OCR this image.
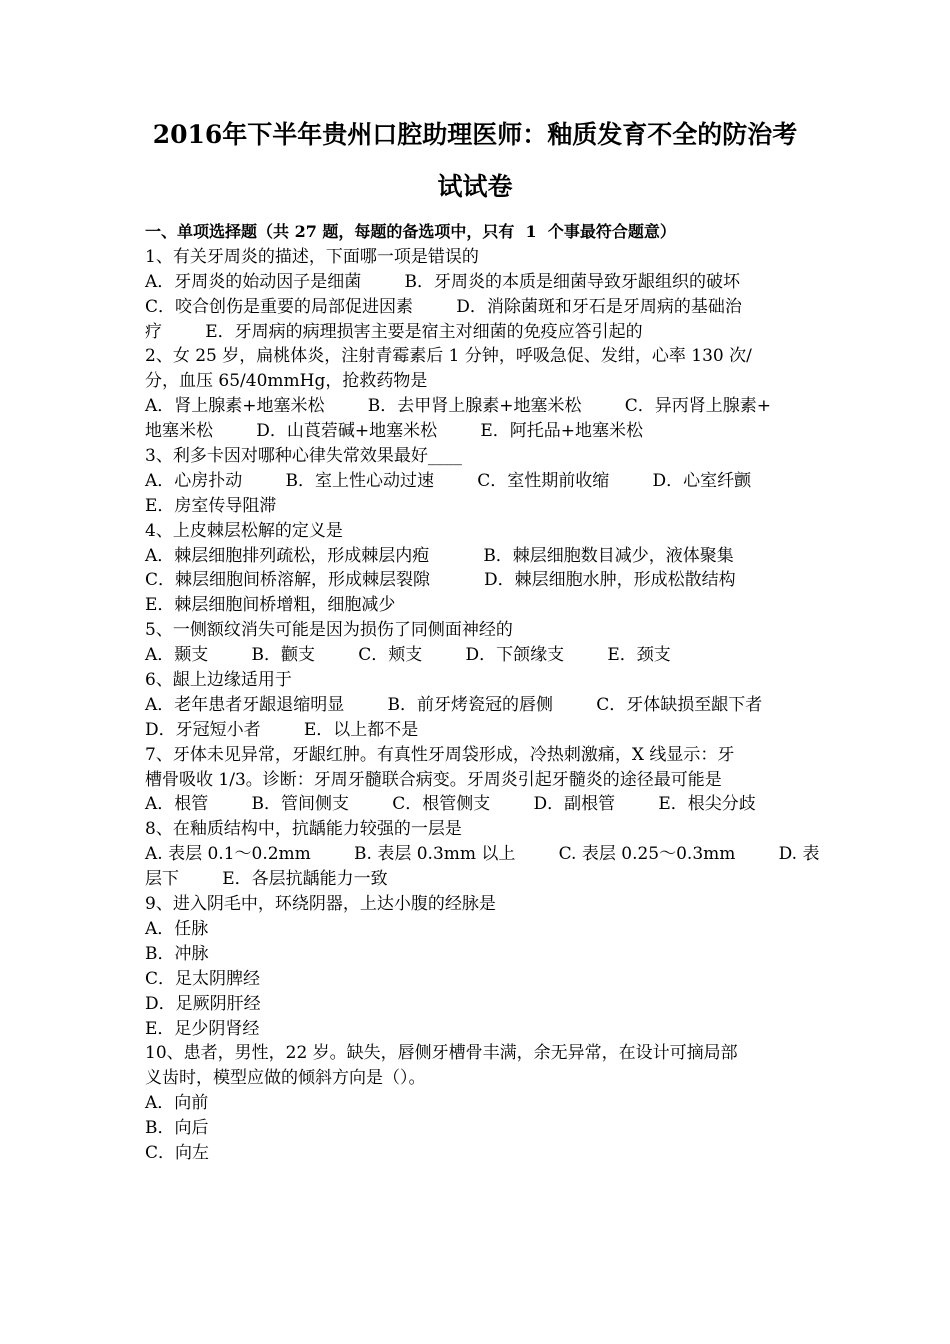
2016年下半年贵州口腔助理医师：釉质发育不全的防治考
试试卷
一、单项选择题（共 27 题，每题的备选项中，只有  1  个事最符合题意）
1、有关牙周炎的描述，下面哪一项是错误的
A．牙周炎的始动因子是细菌        B．牙周炎的本质是细菌导致牙龈组织的破坏
C．咬合创伤是重要的局部促进因素        D．消除菌斑和牙石是牙周病的基础治
疗        E．牙周病的病理损害主要是宿主对细菌的免疫应答引起的
2、女 25 岁，扁桃体炎，注射青霉素后 1 分钟，呼吸急促、发绀，心率 130 次/
分，血压 65/40mmHg，抢救药物是
A．肾上腺素+地塞米松        B．去甲肾上腺素+地塞米松        C．异丙肾上腺素+
地塞米松        D．山莨菪碱+地塞米松        E．阿托品+地塞米松
3、利多卡因对哪种心律失常效果最好____
A．心房扑动        B．室上性心动过速        C．室性期前收缩        D．心室纤颤
E．房室传导阻滞
4、上皮棘层松解的定义是
A．棘层细胞排列疏松，形成棘层内疱          B．棘层细胞数目减少，液体聚集
C．棘层细胞间桥溶解，形成棘层裂隙          D．棘层细胞水肿，形成松散结构
E．棘层细胞间桥增粗，细胞减少
5、一侧额纹消失可能是因为损伤了同侧面神经的
A．颞支        B．颧支        C．颊支        D．下颌缘支        E．颈支
6、龈上边缘适用于
A．老年患者牙龈退缩明显        B．前牙烤瓷冠的唇侧        C．牙体缺损至龈下者
D．牙冠短小者        E．以上都不是
7、牙体未见异常，牙龈红肿。有真性牙周袋形成，冷热刺激痛，X 线显示：牙
槽骨吸收 1/3。诊断：牙周牙髓联合病变。牙周炎引起牙髓炎的途径最可能是
A．根管        B．管间侧支        C．根管侧支        D．副根管        E．根尖分歧
8、在釉质结构中，抗龋能力较强的一层是
A. 表层 0.1～0.2mm        B. 表层 0.3mm 以上        C. 表层 0.25～0.3mm        D. 表
层下        E．各层抗龋能力一致
9、进入阴毛中，环绕阴器，上达小腹的经脉是
A．任脉
B．冲脉
C．足太阴脾经
D．足厥阴肝经
E．足少阴肾经
10、患者，男性，22 岁。缺失，唇侧牙槽骨丰满，余无异常，在设计可摘局部
义齿时，模型应做的倾斜方向是（）。
A．向前
B．向后
C．向左
